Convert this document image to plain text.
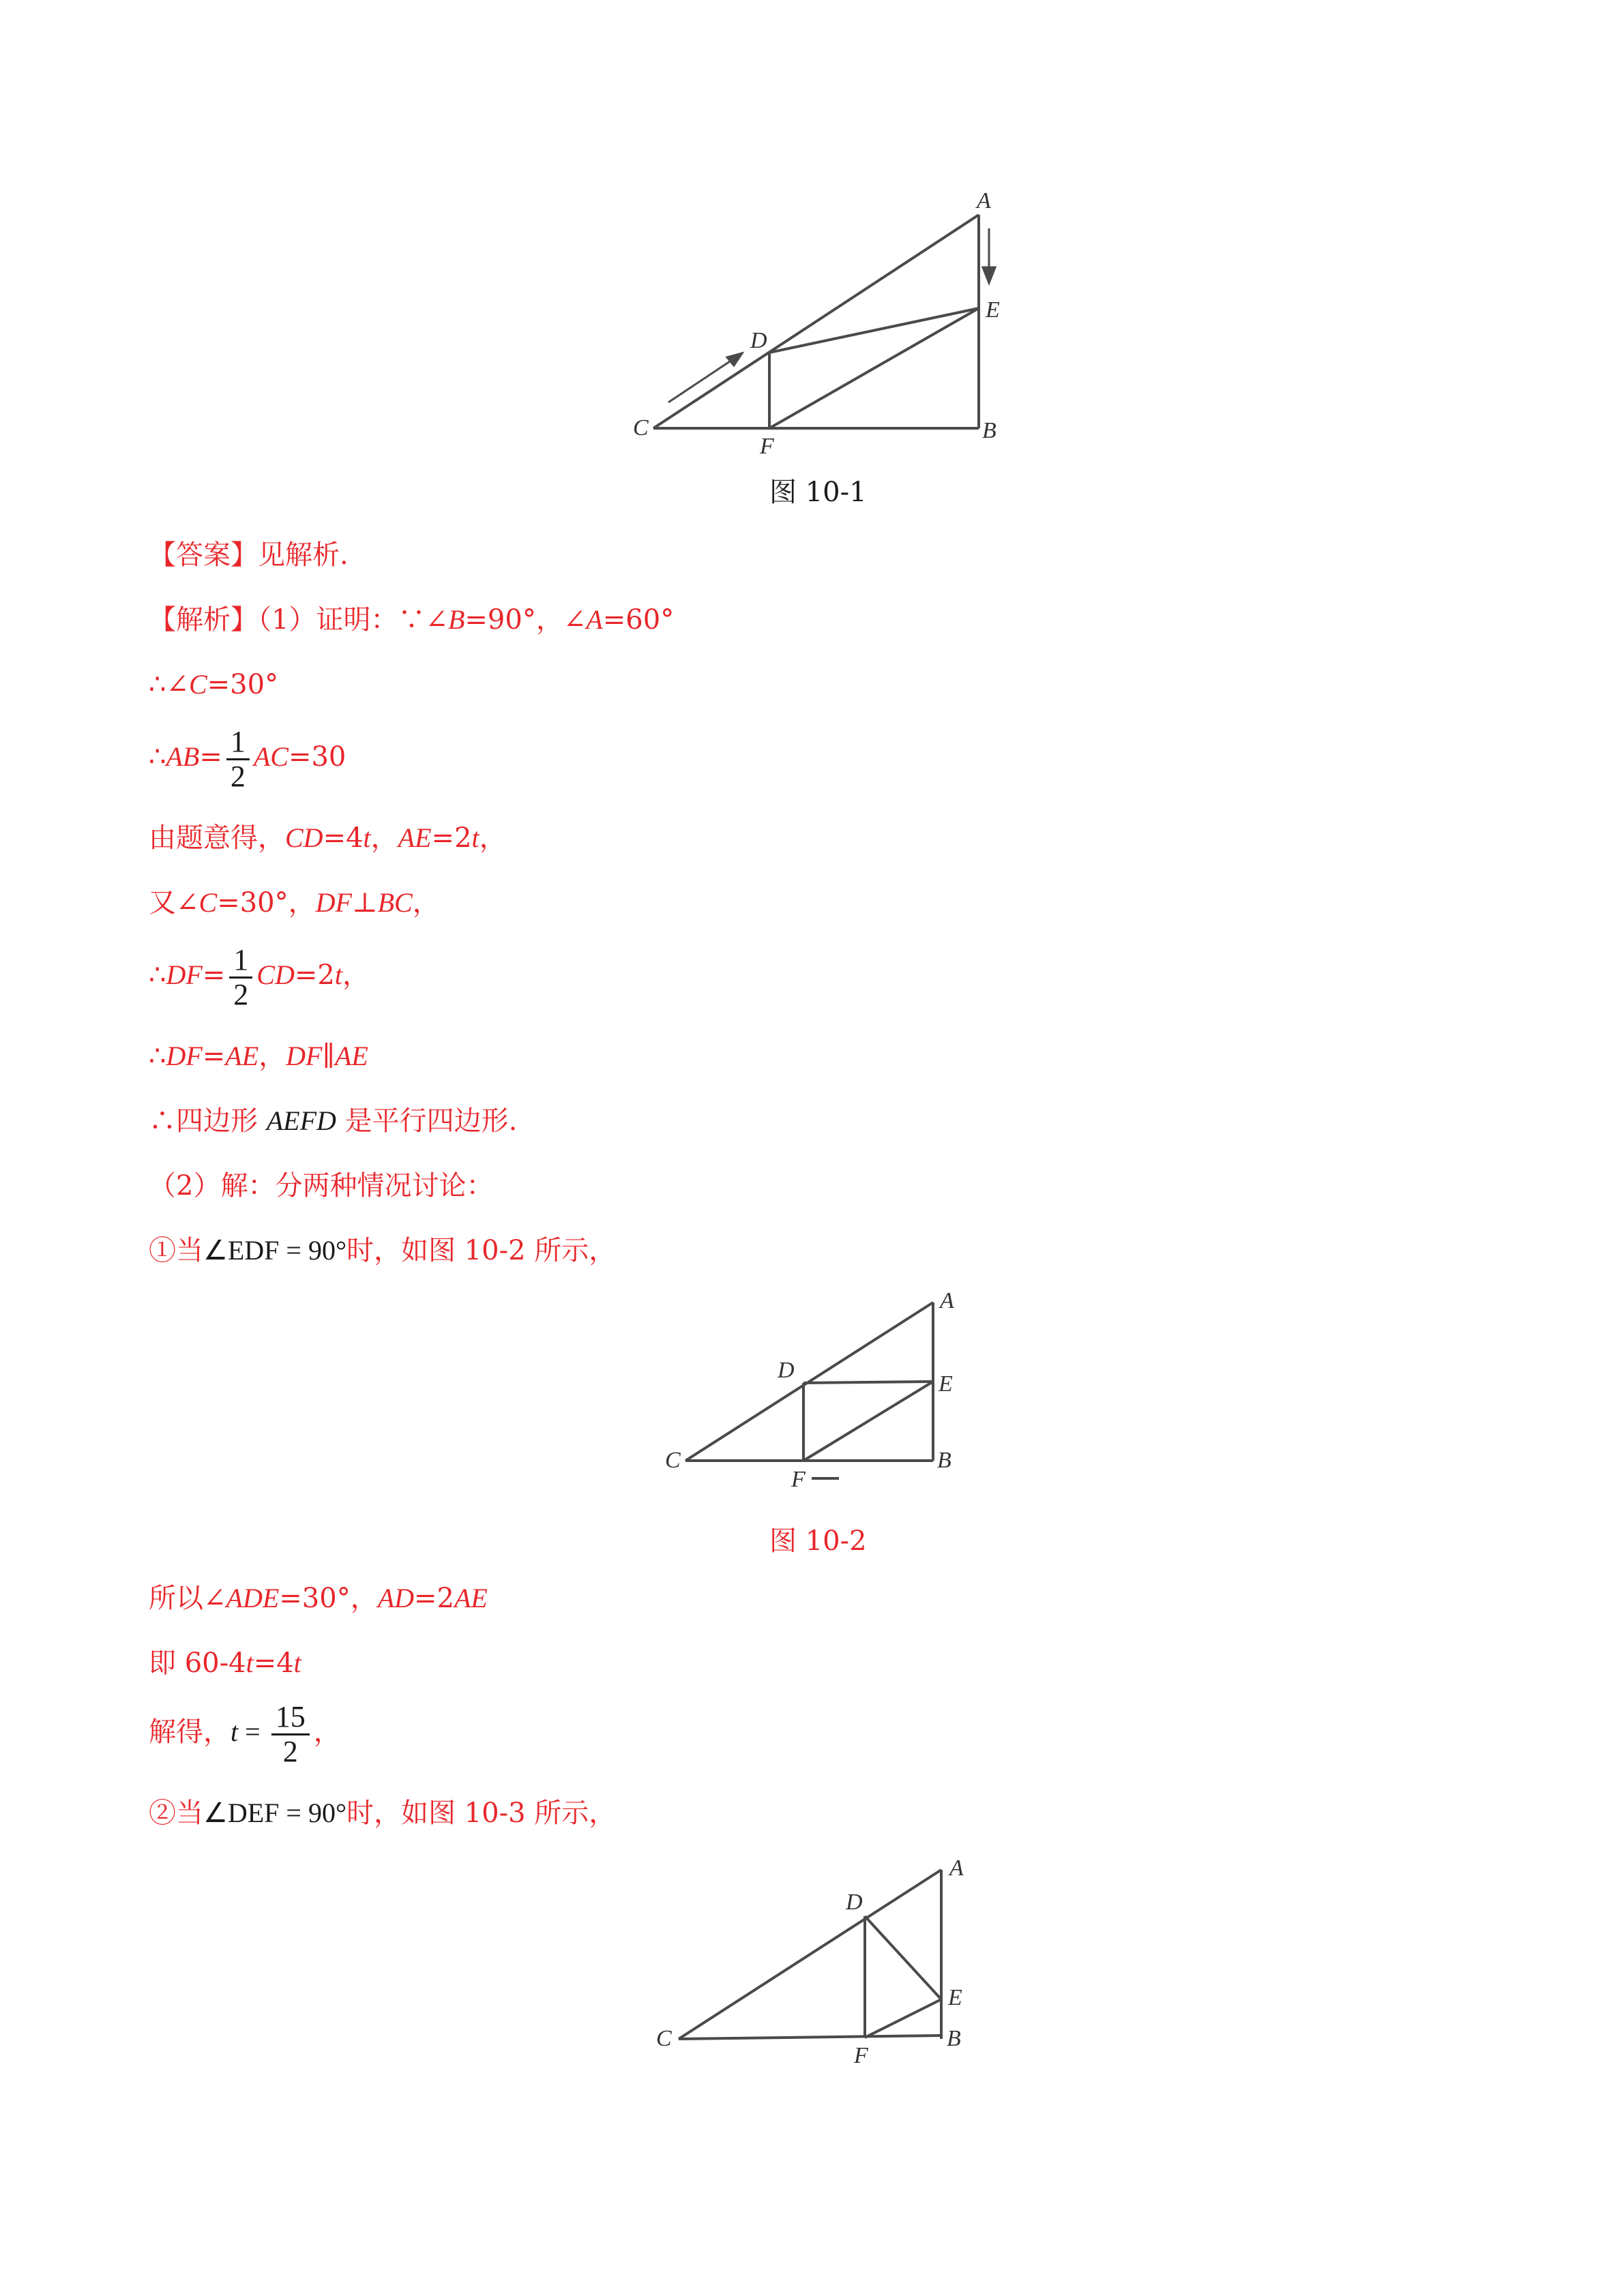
A
E
D
C
F
B
图 10-1
【答案】见解析.
【解析】（1）证明：∵∠B=90°，∠A=60°
∴∠C=30°
∴AB= $\frac{1}{2} AC=30$
由题意得，CD=4t，AE=2t，
又∠C=30°，DF⊥BC，
∴DF= $\frac{1}{2} CD=2t$，
∴DF=AE，DF∥AE
∴四边形 AEFD 是平行四边形.
（2）解：分两种情况讨论：
①当∠EDF = 90°时，如图 10-2 所示，
A
E
D
C
F
B
图 10-2
所以∠ADE=30°，AD=2AE
即 60-4t=4t
解得，$t = \frac{15}{2}$ ，
②当∠DEF = 90°时，如图 10-3 所示，
A
E
D
C
F
B
